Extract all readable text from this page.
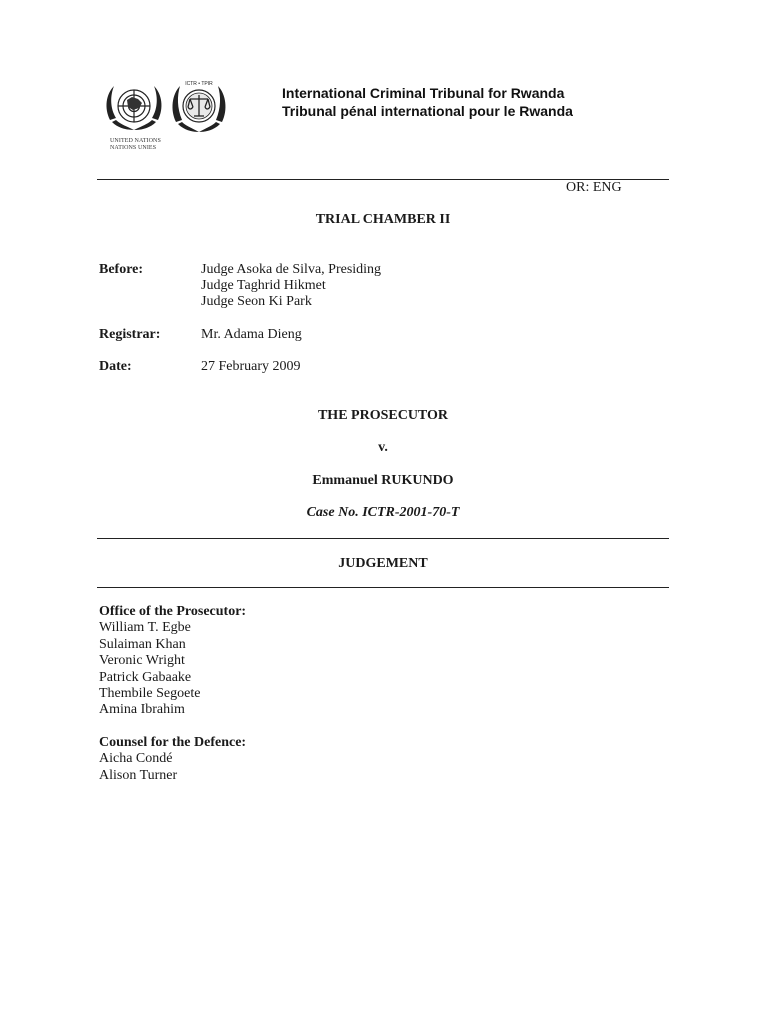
ICTR • TPIR
UNITED NATIONS
NATIONS UNIES
International Criminal Tribunal for Rwanda
Tribunal pénal international pour le Rwanda
OR: ENG
TRIAL CHAMBER II
Before:	Judge Asoka de Silva, Presiding
Judge Taghrid Hikmet
Judge Seon Ki Park
Registrar:	Mr. Adama Dieng
Date:	27 February 2009
THE PROSECUTOR
v.
Emmanuel RUKUNDO
Case No. ICTR-2001-70-T
JUDGEMENT
Office of the Prosecutor:
William T. Egbe
Sulaiman Khan
Veronic Wright
Patrick Gabaake
Thembile Segoete
Amina Ibrahim
Counsel for the Defence:
Aicha Condé
Alison Turner
